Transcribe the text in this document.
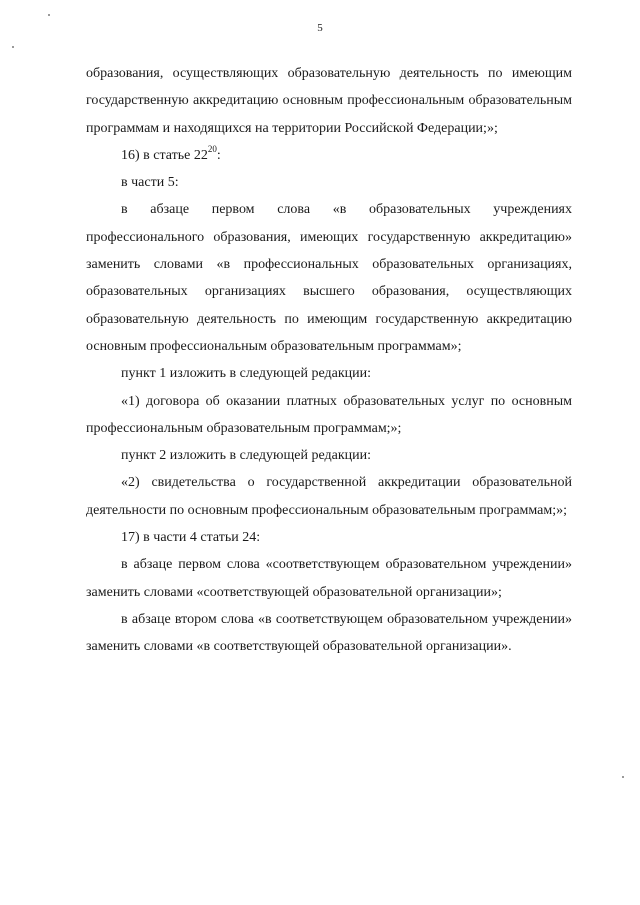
5

образования, осуществляющих образовательную деятельность по имеющим государственную аккредитацию основным профессиональным образовательным программам и находящихся на территории Российской Федерации;»;

16) в статье $22^{20}$:

в части 5:

в абзаце первом слова «в образовательных учреждениях профессионального образования, имеющих государственную аккредитацию» заменить словами «в профессиональных образовательных организациях, образовательных организациях высшего образования, осуществляющих образовательную деятельность по имеющим государственную аккредитацию основным профессиональным образовательным программам»;

пункт 1 изложить в следующей редакции:

«1) договора об оказании платных образовательных услуг по основным профессиональным образовательным программам;»;

пункт 2 изложить в следующей редакции:

«2) свидетельства о государственной аккредитации образовательной деятельности по основным профессиональным образовательным программам;»;

17) в части 4 статьи 24:

в абзаце первом слова «соответствующем образовательном учреждении» заменить словами «соответствующей образовательной организации»;

в абзаце втором слова «в соответствующем образовательном учреждении» заменить словами «в соответствующей образовательной организации».
